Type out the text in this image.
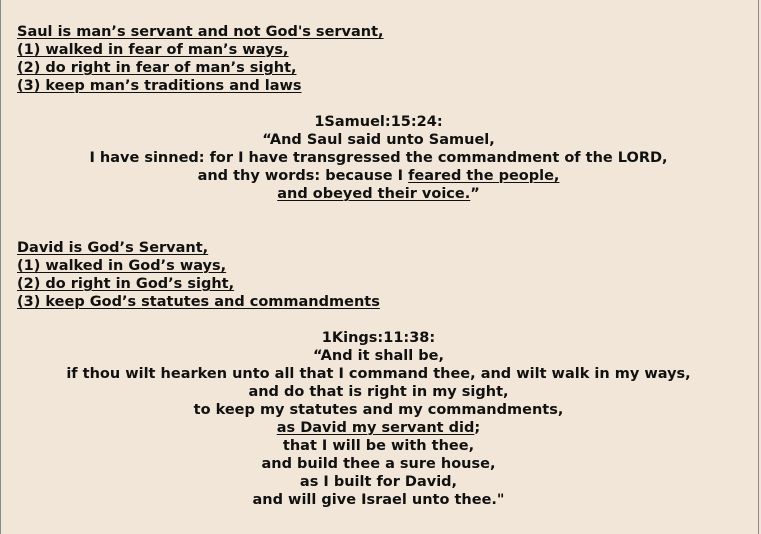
Saul is man’s servant and not God's servant,
(1) walked in fear of man’s ways,
(2) do right in fear of man’s sight,
(3) keep man’s traditions and laws
1Samuel:15:24:
“And Saul said unto Samuel,
I have sinned: for I have transgressed the commandment of the LORD,
and thy words: because I feared the people,
and obeyed their voice.”
David is God’s Servant,
(1) walked in God’s ways,
(2) do right in God’s sight,
(3) keep God’s statutes and commandments
1Kings:11:38:
“And it shall be,
if thou wilt hearken unto all that I command thee, and wilt walk in my ways,
and do that is right in my sight,
to keep my statutes and my commandments,
as David my servant did;
that I will be with thee,
and build thee a sure house,
as I built for David,
and will give Israel unto thee."
